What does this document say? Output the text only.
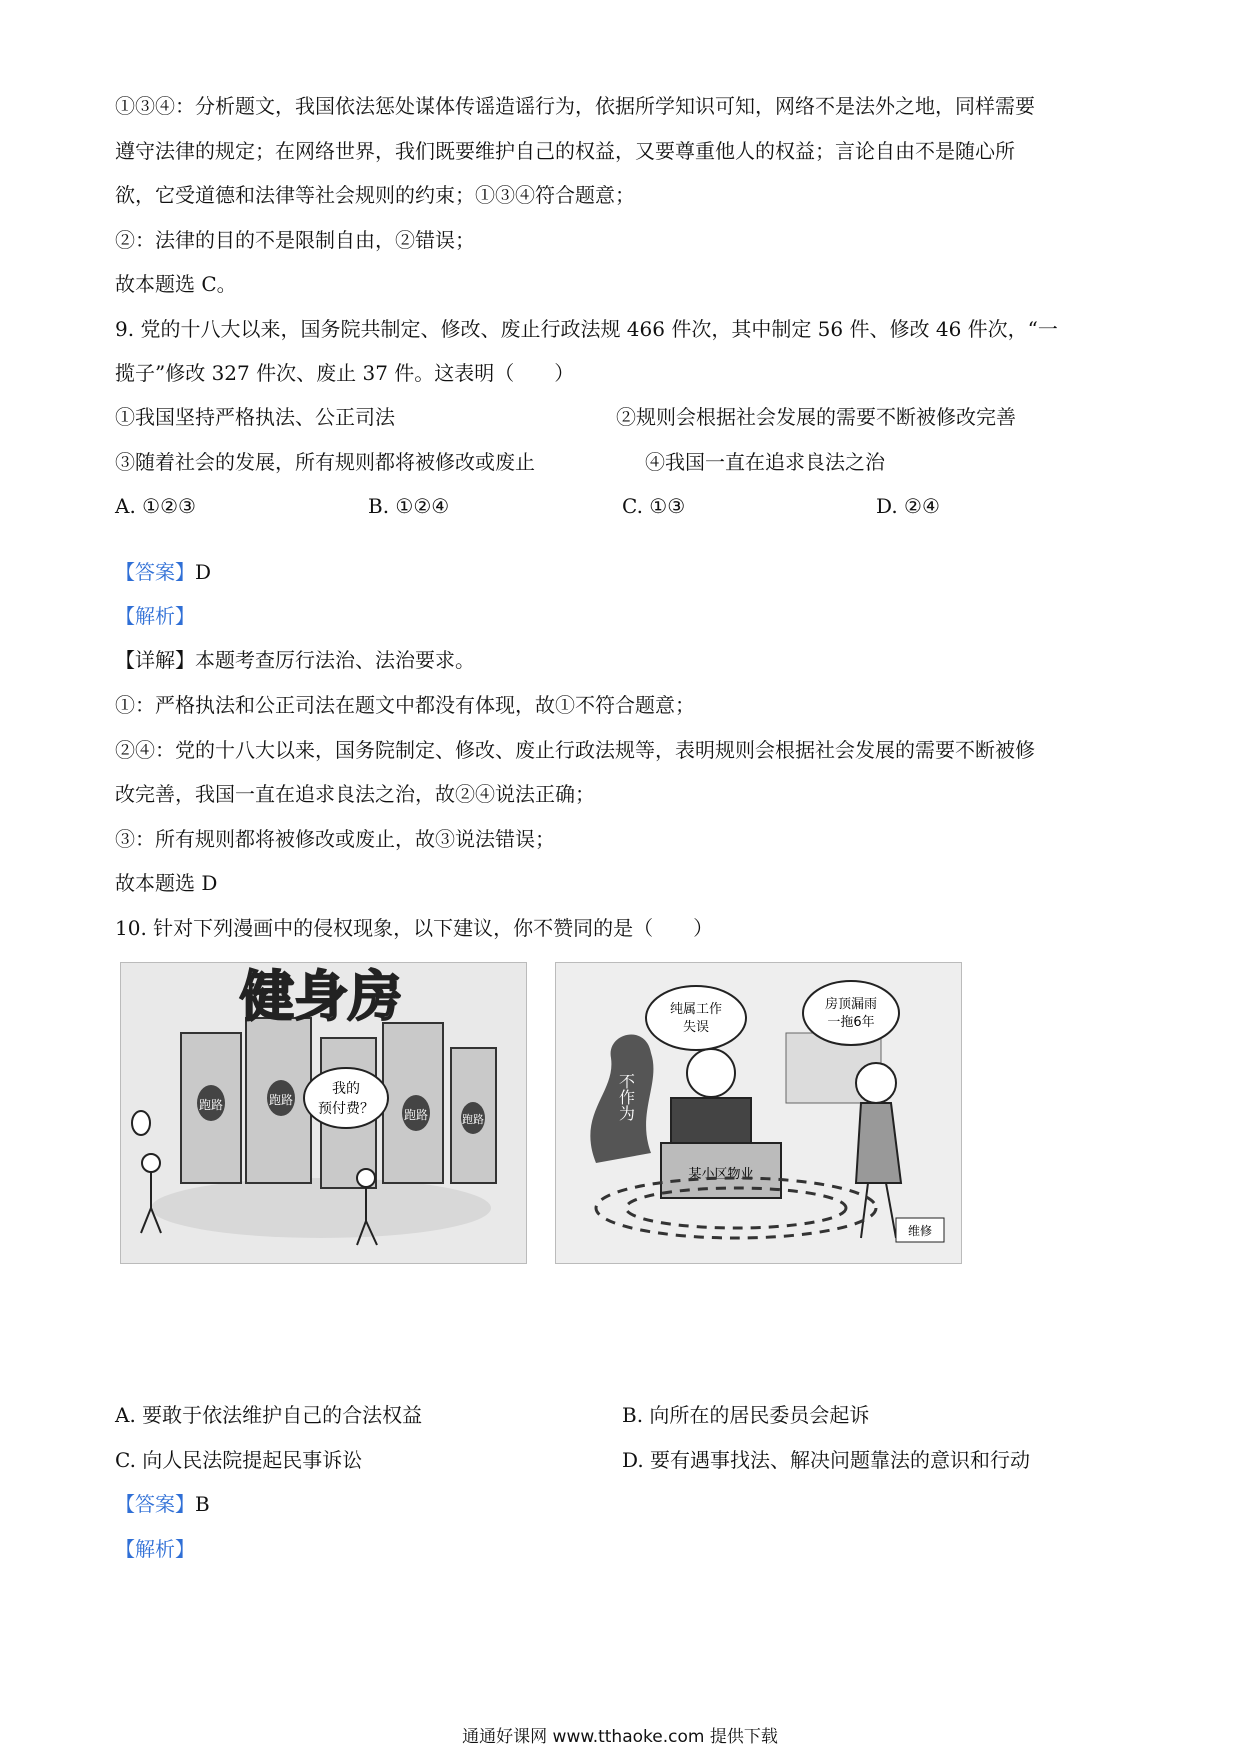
①③④：分析题文，我国依法惩处谋体传谣造谣行为，依据所学知识可知，网络不是法外之地，同样需要
遵守法律的规定；在网络世界，我们既要维护自己的权益，又要尊重他人的权益；言论自由不是随心所
欲，它受道德和法律等社会规则的约束；①③④符合题意；
②：法律的目的不是限制自由，②错误；
故本题选 C。
9. 党的十八大以来，国务院共制定、修改、废止行政法规 466 件次，其中制定 56 件、修改 46 件次，“一
揽子”修改 327 件次、废止 37 件。这表明（　　）
①我国坚持严格执法、公正司法	②规则会根据社会发展的需要不断被修改完善
③随着社会的发展，所有规则都将被修改或废止	④我国一直在追求良法之治
A. ①②③	B. ①②④	C. ①③	D. ②④
【答案】D
【解析】
【详解】本题考查厉行法治、法治要求。
①：严格执法和公正司法在题文中都没有体现，故①不符合题意；
②④：党的十八大以来，国务院制定、修改、废止行政法规等，表明规则会根据社会发展的需要不断被修
改完善，我国一直在追求良法之治，故②④说法正确；
③：所有规则都将被修改或废止，故③说法错误；
故本题选 D
10. 针对下列漫画中的侵权现象，以下建议，你不赞同的是（　　）
健身房
跑路	跑路
跑路	跑路
我的
预付费？	不作为
某小区物业
纯属工作
失误
房顶漏雨
一拖6年
维修
A. 要敢于依法维护自己的合法权益	B. 向所在的居民委员会起诉
C. 向人民法院提起民事诉讼	D. 要有遇事找法、解决问题靠法的意识和行动
【答案】B
【解析】
通通好课网 www.tthaoke.com 提供下载
